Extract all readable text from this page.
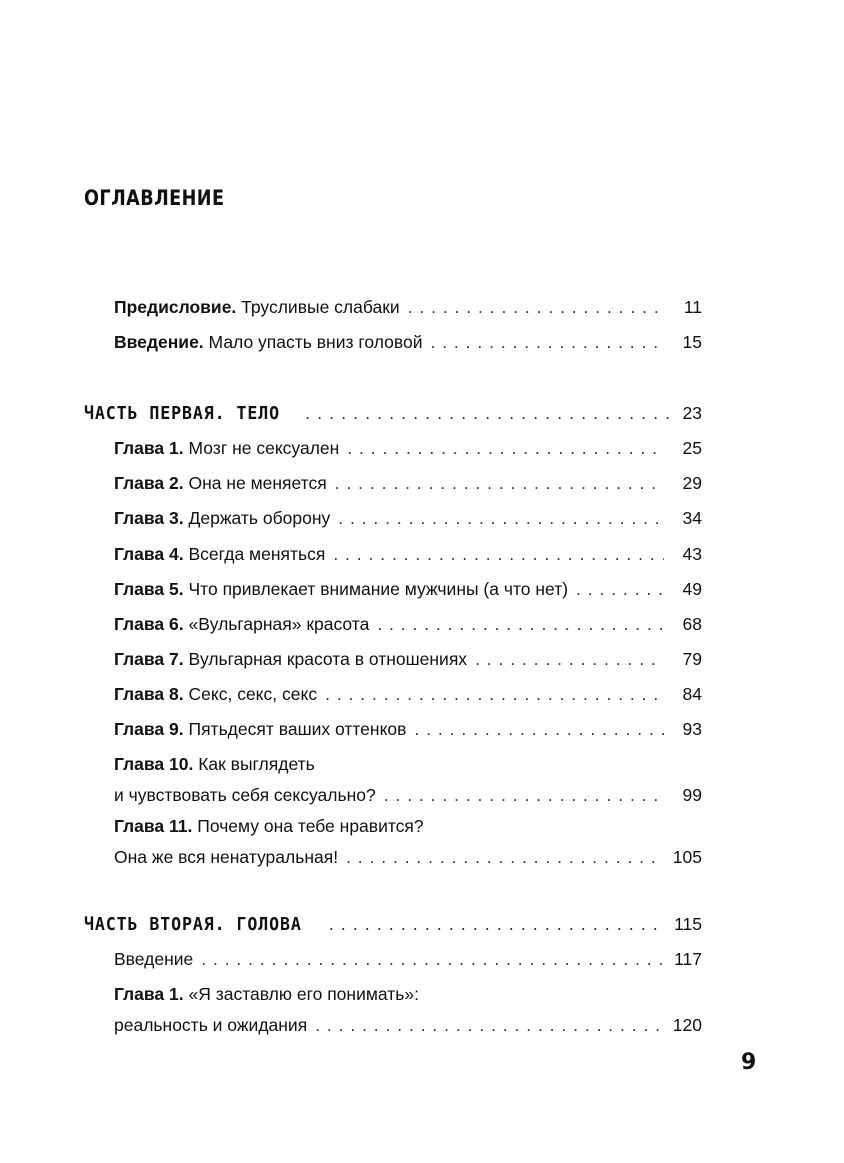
ОГЛАВЛЕНИЕ
Предисловие. Трусливые слабаки . . .	11
Введение. Мало упасть вниз головой . . .	15
ЧАСТЬ ПЕРВАЯ. ТЕЛО . . .	23
Глава 1. Мозг не сексуален . . .	25
Глава 2. Она не меняется . . .	29
Глава 3. Держать оборону . . .	34
Глава 4. Всегда меняться . . .	43
Глава 5. Что привлекает внимание мужчины (а что нет) . . .	49
Глава 6. «Вульгарная» красота . . .	68
Глава 7. Вульгарная красота в отношениях . . .	79
Глава 8. Секс, секс, секс . . .	84
Глава 9. Пятьдесят ваших оттенков . . .	93
Глава 10. Как выглядеть
и чувствовать себя сексуально? . . .	99
Глава 11. Почему она тебе нравится?
Она же вся ненатуральная! . . .	105
ЧАСТЬ ВТОРАЯ. ГОЛОВА . . .	115
Введение . . .	117
Глава 1. «Я заставлю его понимать»:
реальность и ожидания . . .	120
9
